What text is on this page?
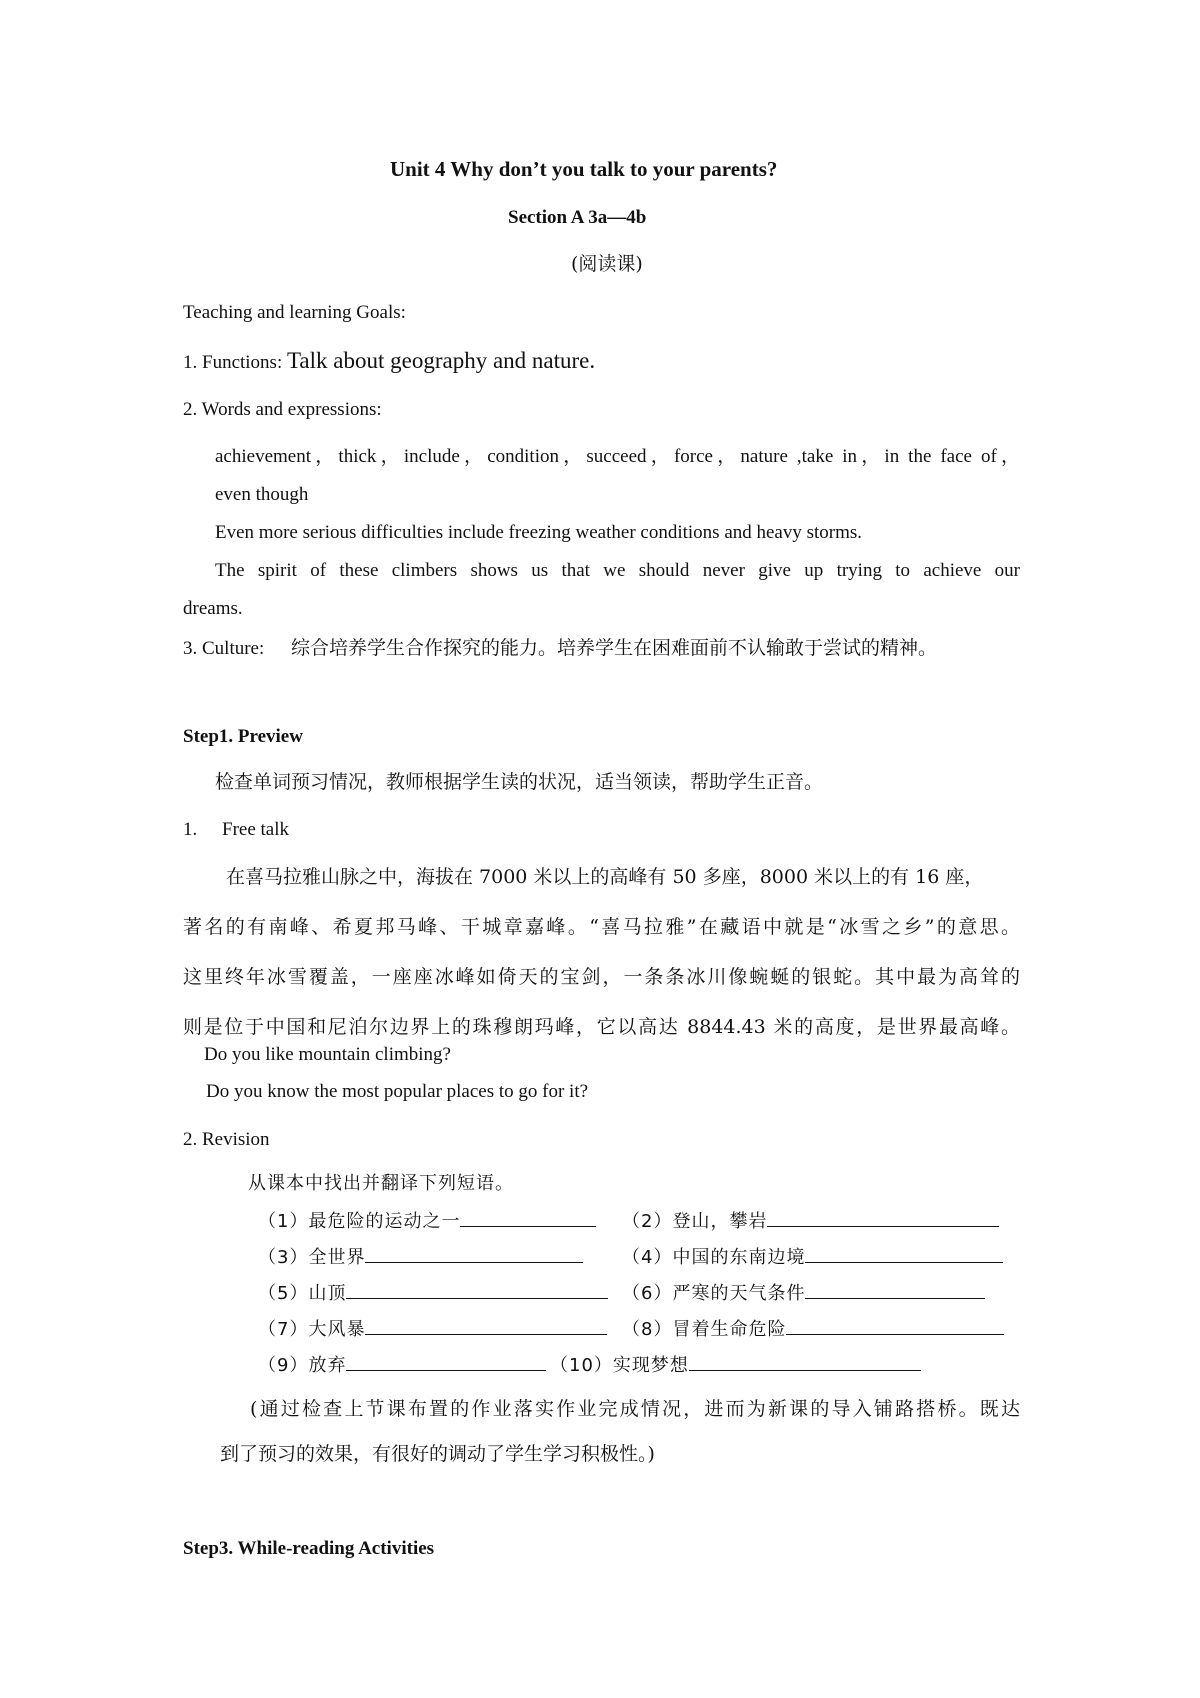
Unit 4 Why don’t you talk to your parents?
Section A 3a—4b
(阅读课)
Teaching and learning Goals:
1. Functions: Talk about geography and nature.
2. Words and expressions:
achievement，thick，include，condition，succeed，force，nature ,take in，in the face of，
even though
Even more serious difficulties include freezing weather conditions and heavy storms.
The spirit of these climbers shows us that we should never give up trying to achieve our
dreams.
3. Culture: 综合培养学生合作探究的能力。培养学生在困难面前不认输敢于尝试的精神。
Step1. Preview
检查单词预习情况，教师根据学生读的状况，适当领读，帮助学生正音。
1. Free talk
在喜马拉雅山脉之中，海拔在 7000 米以上的高峰有 50 多座，8000 米以上的有 16 座，
著名的有南峰、希夏邦马峰、干城章嘉峰。“喜马拉雅”在藏语中就是“冰雪之乡”的意思。
这里终年冰雪覆盖，一座座冰峰如倚天的宝剑，一条条冰川像蜿蜒的银蛇。其中最为高耸的
则是位于中国和尼泊尔边界上的珠穆朗玛峰，它以高达 8844.43 米的高度，是世界最高峰。
Do you like mountain climbing?
Do you know the most popular places to go for it?
2. Revision
从课本中找出并翻译下列短语。
（1）最危险的运动之一	（2）登山，攀岩
（3）全世界	（4）中国的东南边境
（5）山顶	（6）严寒的天气条件
（7）大风暴	（8）冒着生命危险
（9）放弃	（10）实现梦想
(通过检查上节课布置的作业落实作业完成情况，进而为新课的导入铺路搭桥。既达
到了预习的效果，有很好的调动了学生学习积极性。)
Step3. While-reading Activities
